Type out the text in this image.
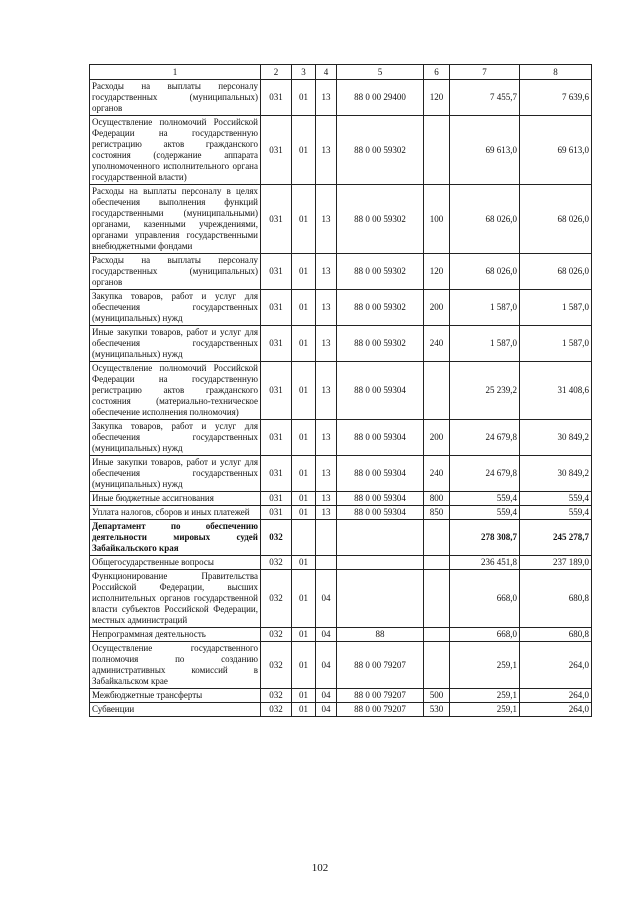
1	2	3	4	5	6	7	8
Расходы на выплаты персоналу государственных (муниципальных) органов	031	01	13	88 0 00 29400	120	7 455,7	7 639,6
Осуществление полномочий Российской Федерации на государственную регистрацию актов гражданского состояния (содержание аппарата уполномоченного исполнительного органа государственной власти)	031	01	13	88 0 00 59302		69 613,0	69 613,0
Расходы на выплаты персоналу в целях обеспечения выполнения функций государственными (муниципальными) органами, казенными учреждениями, органами управления государственными внебюджетными фондами	031	01	13	88 0 00 59302	100	68 026,0	68 026,0
Расходы на выплаты персоналу государственных (муниципальных) органов	031	01	13	88 0 00 59302	120	68 026,0	68 026,0
Закупка товаров, работ и услуг для обеспечения государственных (муниципальных) нужд	031	01	13	88 0 00 59302	200	1 587,0	1 587,0
Иные закупки товаров, работ и услуг для обеспечения государственных (муниципальных) нужд	031	01	13	88 0 00 59302	240	1 587,0	1 587,0
Осуществление полномочий Российской Федерации на государственную регистрацию актов гражданского состояния (материально-техническое обеспечение исполнения полномочия)	031	01	13	88 0 00 59304		25 239,2	31 408,6
Закупка товаров, работ и услуг для обеспечения государственных (муниципальных) нужд	031	01	13	88 0 00 59304	200	24 679,8	30 849,2
Иные закупки товаров, работ и услуг для обеспечения государственных (муниципальных) нужд	031	01	13	88 0 00 59304	240	24 679,8	30 849,2
Иные бюджетные ассигнования	031	01	13	88 0 00 59304	800	559,4	559,4
Уплата налогов, сборов и иных платежей	031	01	13	88 0 00 59304	850	559,4	559,4
Департамент по обеспечению деятельности мировых судей Забайкальского края	032					278 308,7	245 278,7
Общегосударственные вопросы	032	01				236 451,8	237 189,0
Функционирование Правительства Российской Федерации, высших исполнительных органов государственной власти субъектов Российской Федерации, местных администраций	032	01	04			668,0	680,8
Непрограммная деятельность	032	01	04	88		668,0	680,8
Осуществление государственного полномочия по созданию административных комиссий в Забайкальском крае	032	01	04	88 0 00 79207		259,1	264,0
Межбюджетные трансферты	032	01	04	88 0 00 79207	500	259,1	264,0
Субвенции	032	01	04	88 0 00 79207	530	259,1	264,0
102
